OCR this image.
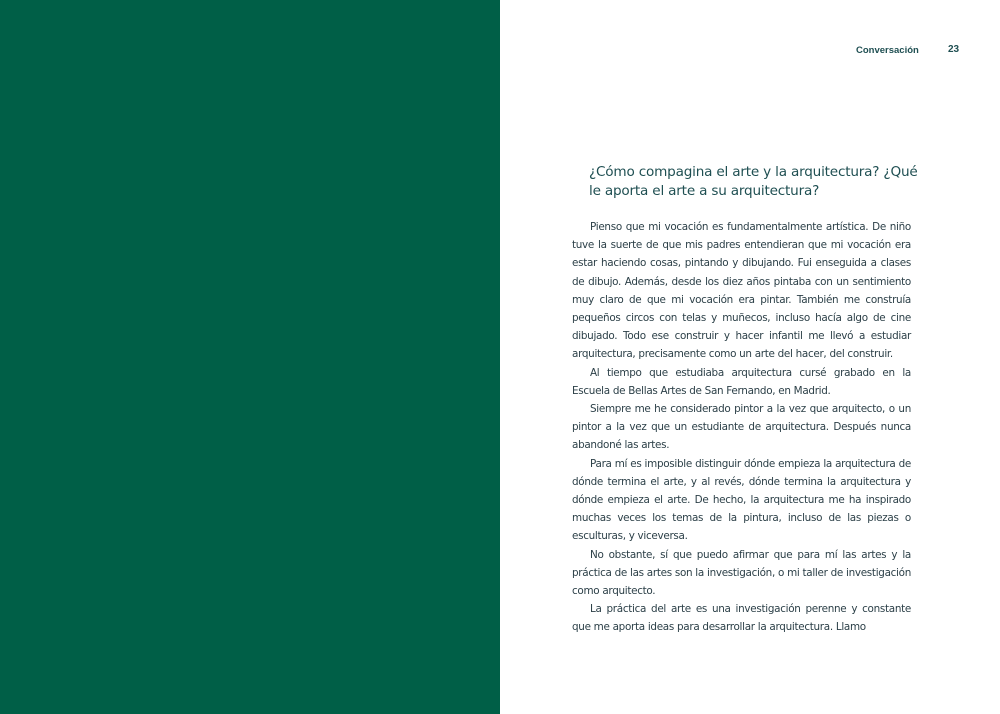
Conversación	23
¿Cómo compagina el arte y la arquitectura? ¿Qué le aporta el arte a su arquitectura?

Pienso que mi vocación es fundamentalmente artística. De niño tuve la suerte de que mis padres entendieran que mi vocación era estar haciendo cosas, pintando y dibujando. Fui enseguida a clases de dibujo. Además, desde los diez años pintaba con un sentimiento muy claro de que mi vocación era pintar. También me construía pequeños circos con telas y muñecos, incluso hacía algo de cine dibujado. Todo ese construir y hacer infantil me llevó a estudiar arquitectura, precisamente como un arte del hacer, del construir.

Al tiempo que estudiaba arquitectura cursé grabado en la Escuela de Bellas Artes de San Fernando, en Madrid.

Siempre me he considerado pintor a la vez que arquitecto, o un pintor a la vez que un estudiante de arquitectura. Después nunca abandoné las artes.

Para mí es imposible distinguir dónde empieza la arquitectura de dónde termina el arte, y al revés, dónde termina la arquitectura y dónde empieza el arte. De hecho, la arquitectura me ha inspirado muchas veces los temas de la pintura, incluso de las piezas o esculturas, y viceversa.

No obstante, sí que puedo afirmar que para mí las artes y la práctica de las artes son la investigación, o mi taller de investigación como arquitecto.

La práctica del arte es una investigación perenne y constante que me aporta ideas para desarrollar la arquitectura. Llamo
